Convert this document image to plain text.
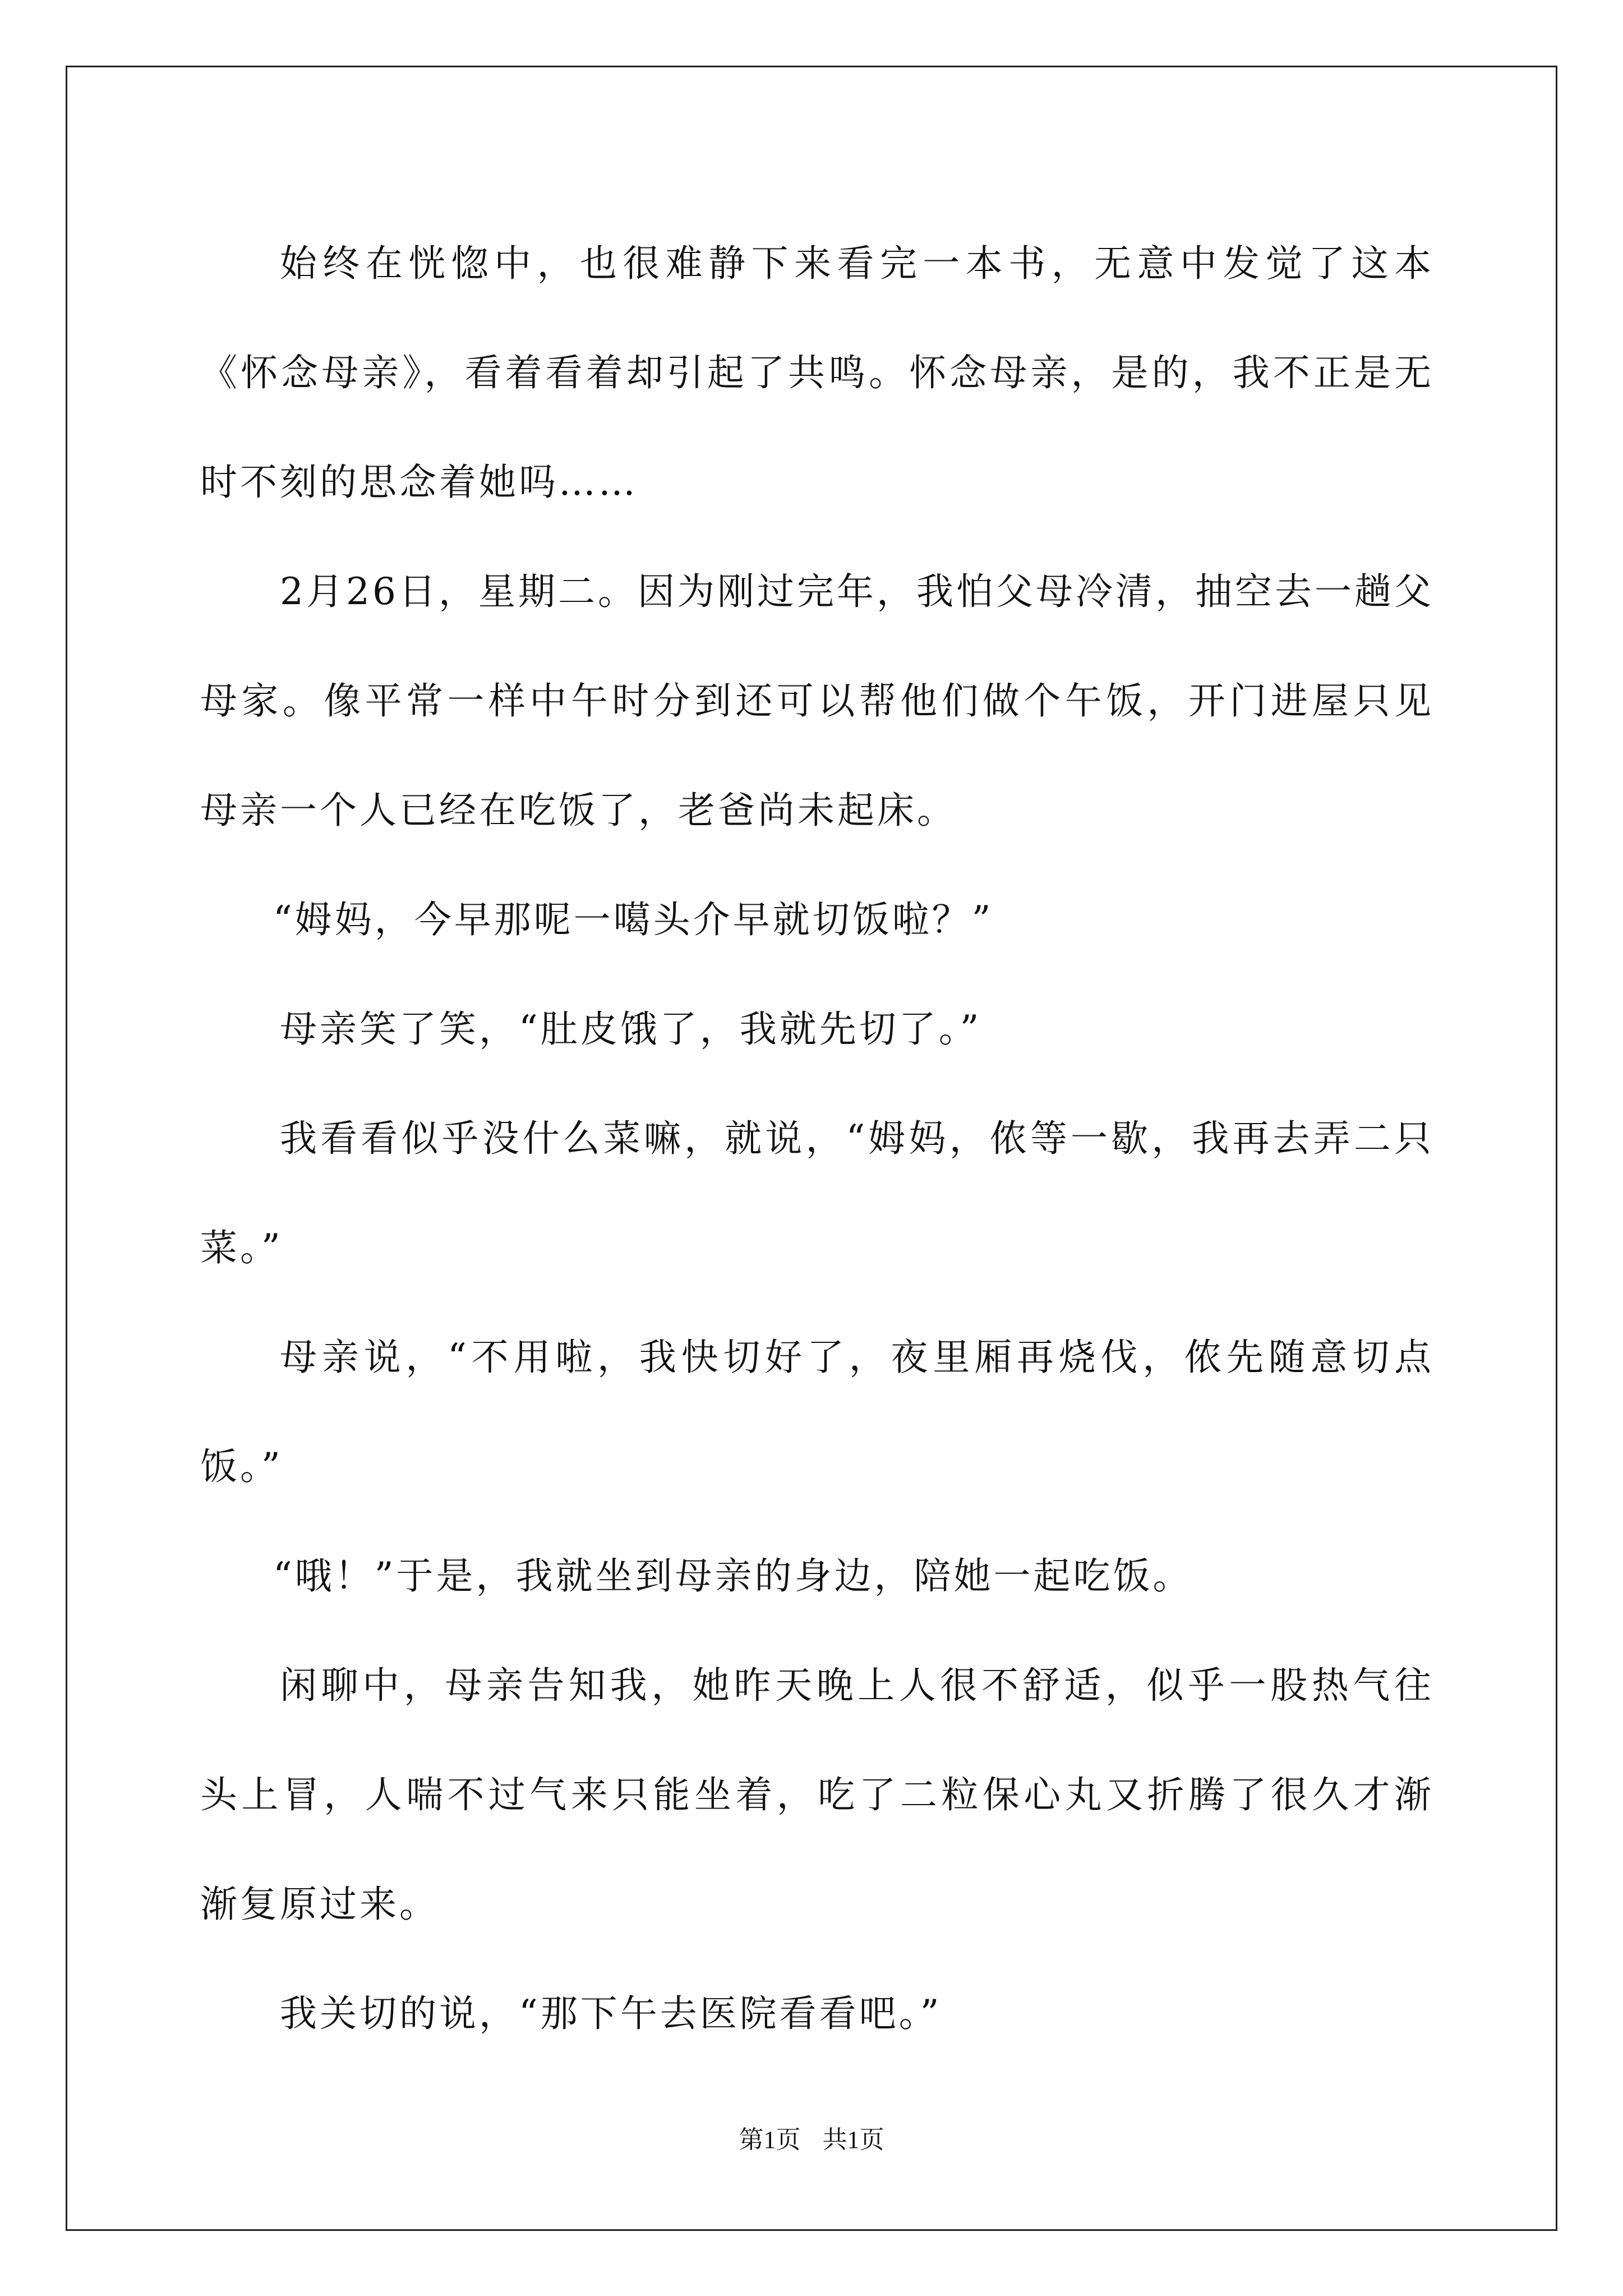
始终在恍惚中，也很难静下来看完一本书，无意中发觉了这本《怀念母亲》，看着看着却引起了共鸣。怀念母亲，是的，我不正是无时不刻的思念着她吗……

2月26日，星期二。因为刚过完年，我怕父母冷清，抽空去一趟父母家。像平常一样中午时分到还可以帮他们做个午饭，开门进屋只见母亲一个人已经在吃饭了，老爸尚未起床。

“姆妈，今早那呢一噶头介早就切饭啦？”

母亲笑了笑，“肚皮饿了，我就先切了。”

我看看似乎没什么菜嘛，就说，“姆妈，侬等一歇，我再去弄二只菜。”

母亲说，“不用啦，我快切好了，夜里厢再烧伐，侬先随意切点饭。”

“哦！”于是，我就坐到母亲的身边，陪她一起吃饭。

闲聊中，母亲告知我，她昨天晚上人很不舒适，似乎一股热气往头上冒，人喘不过气来只能坐着，吃了二粒保心丸又折腾了很久才渐渐复原过来。

我关切的说，“那下午去医院看看吧。”

第1页 共1页
